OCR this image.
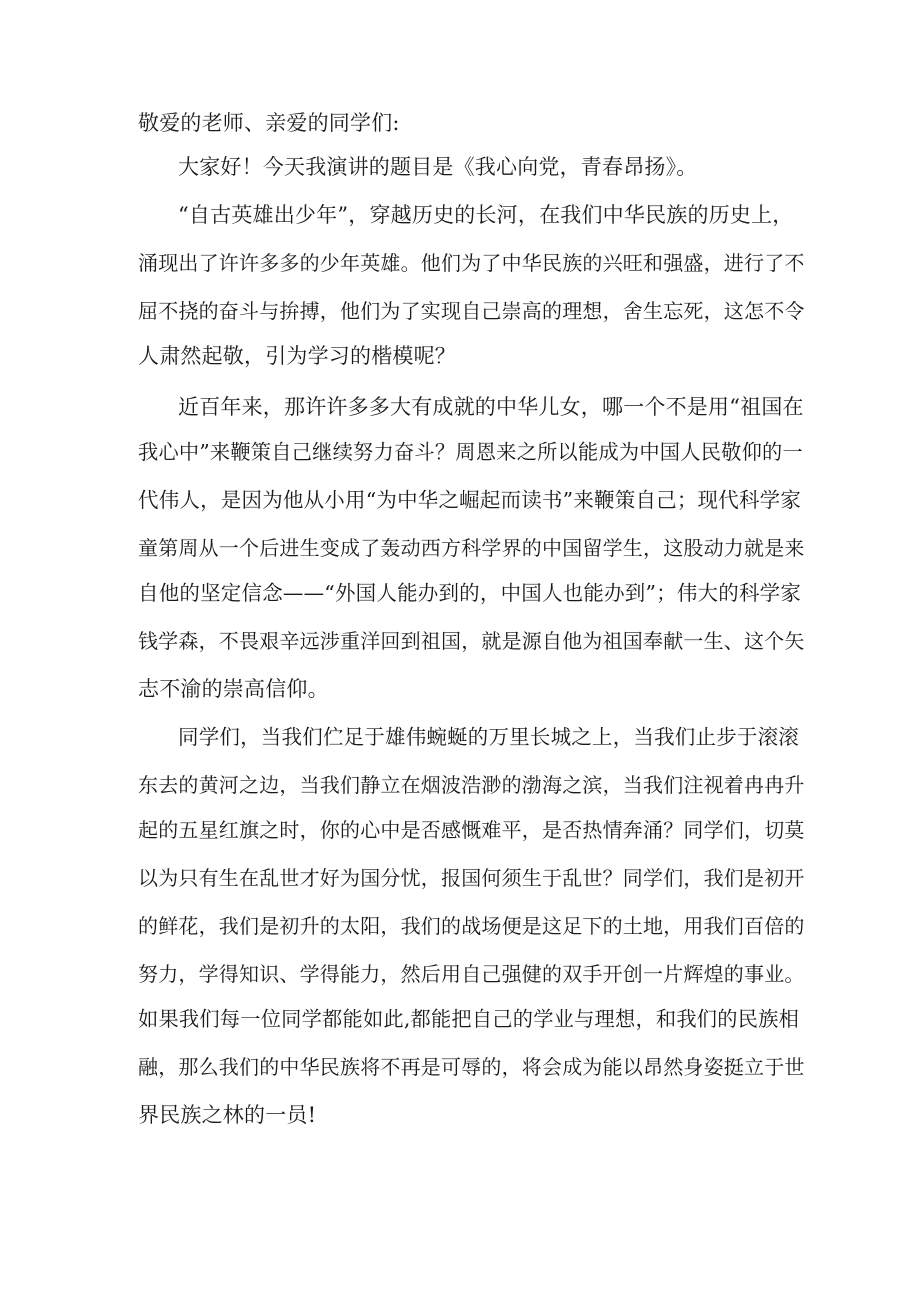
敬爱的老师、亲爱的同学们:
大家好！今天我演讲的题目是《我心向党，青春昂扬》。
“自古英雄出少年”，穿越历史的长河，在我们中华民族的历史上，
涌现出了许许多多的少年英雄。他们为了中华民族的兴旺和强盛，进行了不
屈不挠的奋斗与拚搏，他们为了实现自己崇高的理想，舍生忘死，这怎不令
人肃然起敬，引为学习的楷模呢？
近百年来，那许许多多大有成就的中华儿女，哪一个不是用“祖国在
我心中”来鞭策自己继续努力奋斗？周恩来之所以能成为中国人民敬仰的一
代伟人，是因为他从小用“为中华之崛起而读书”来鞭策自己；现代科学家
童第周从一个后进生变成了轰动西方科学界的中国留学生，这股动力就是来
自他的坚定信念——“外国人能办到的，中国人也能办到”；伟大的科学家
钱学森，不畏艰辛远涉重洋回到祖国，就是源自他为祖国奉献一生、这个矢
志不渝的崇高信仰。
同学们，当我们伫足于雄伟蜿蜒的万里长城之上，当我们止步于滚滚
东去的黄河之边，当我们静立在烟波浩渺的渤海之滨，当我们注视着冉冉升
起的五星红旗之时，你的心中是否感慨难平，是否热情奔涌？同学们，切莫
以为只有生在乱世才好为国分忧，报国何须生于乱世？同学们，我们是初开
的鲜花，我们是初升的太阳，我们的战场便是这足下的土地，用我们百倍的
努力，学得知识、学得能力，然后用自己强健的双手开创一片辉煌的事业。
如果我们每一位同学都能如此,都能把自己的学业与理想，和我们的民族相
融，那么我们的中华民族将不再是可辱的，将会成为能以昂然身姿挺立于世
界民族之林的一员!
